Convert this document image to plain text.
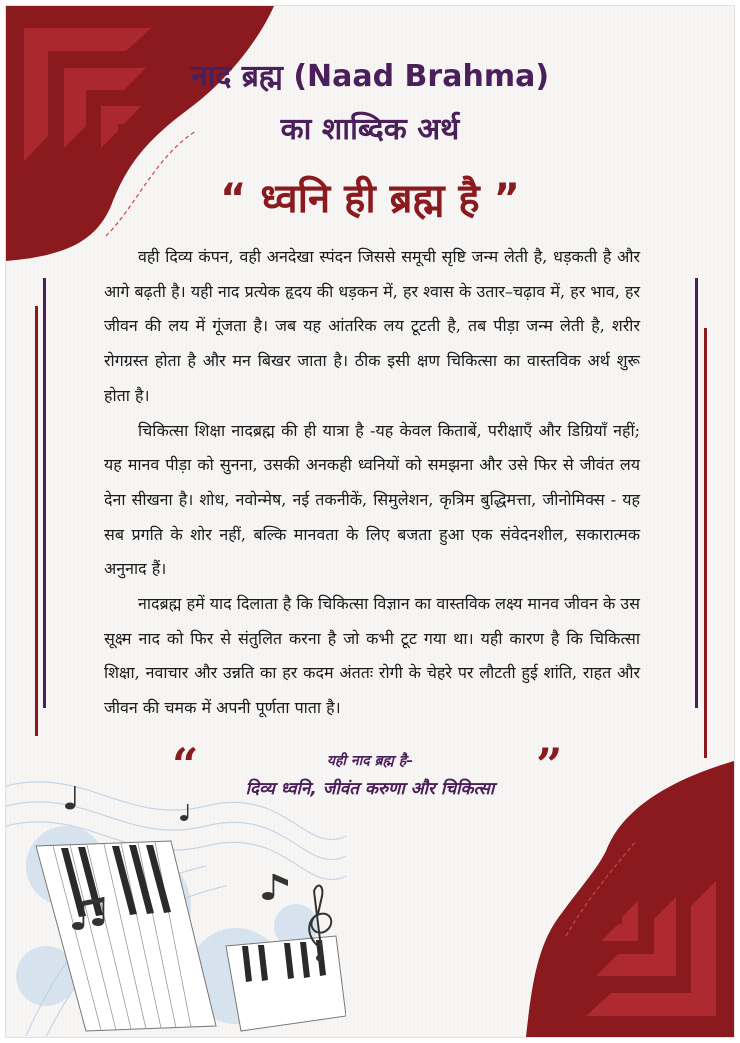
नाद ब्रह्म (Naad Brahma)
का शाब्दिक अर्थ
“ ध्वनि ही ब्रह्म है ”

वही दिव्य कंपन, वही अनदेखा स्पंदन जिससे समूची सृष्टि जन्म लेती है, धड़कती है और आगे बढ़ती है। यही नाद प्रत्येक हृदय की धड़कन में, हर श्वास के उतार–चढ़ाव में, हर भाव, हर जीवन की लय में गूंजता है। जब यह आंतरिक लय टूटती है, तब पीड़ा जन्म लेती है, शरीर रोगग्रस्त होता है और मन बिखर जाता है। ठीक इसी क्षण चिकित्सा का वास्तविक अर्थ शुरू होता है।

चिकित्सा शिक्षा नादब्रह्म की ही यात्रा है -यह केवल किताबें, परीक्षाएँ और डिग्रियाँ नहीं; यह मानव पीड़ा को सुनना, उसकी अनकही ध्वनियों को समझना और उसे फिर से जीवंत लय देना सीखना है। शोध, नवोन्मेष, नई तकनीकें, सिमुलेशन, कृत्रिम बुद्धिमत्ता, जीनोमिक्स - यह सब प्रगति के शोर नहीं, बल्कि मानवता के लिए बजता हुआ एक संवेदनशील, सकारात्मक अनुनाद हैं।

नादब्रह्म हमें याद दिलाता है कि चिकित्सा विज्ञान का वास्तविक लक्ष्य मानव जीवन के उस सूक्ष्म नाद को फिर से संतुलित करना है जो कभी टूट गया था। यही कारण है कि चिकित्सा शिक्षा, नवाचार और उन्नति का हर कदम अंततः रोगी के चेहरे पर लौटती हुई शांति, राहत और जीवन की चमक में अपनी पूर्णता पाता है।

“	यही नाद ब्रह्म है–
दिव्य ध्वनि, जीवंत करुणा और चिकित्सा ”
